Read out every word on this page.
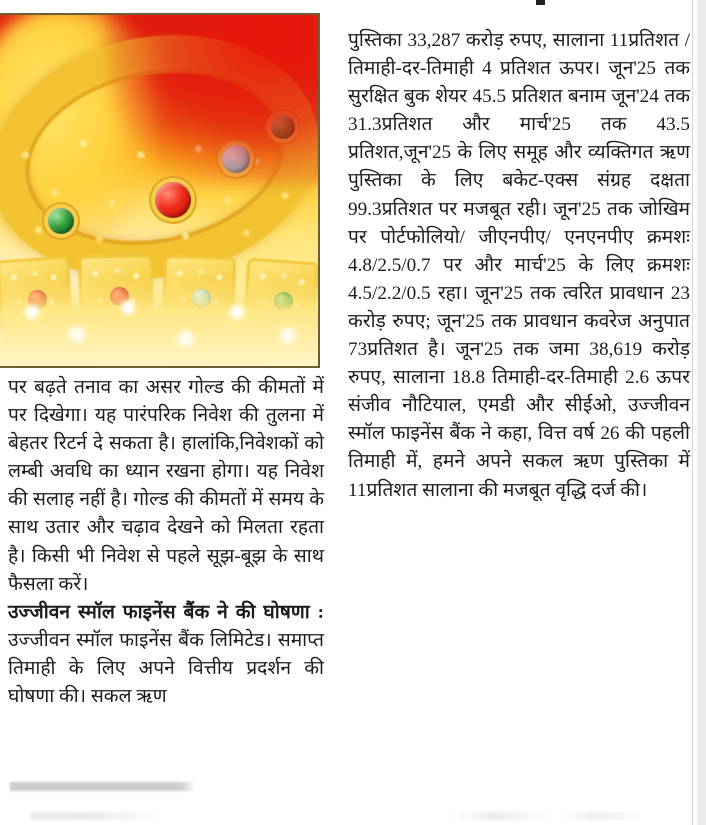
पर बढ़ते तनाव का असर गोल्ड की कीमतों में पर दिखेगा। यह पारंपरिक निवेश की तुलना में बेहतर रिटर्न दे सकता है। हालांकि,निवेशकों को लम्बी अवधि का ध्यान रखना होगा। यह निवेश की सलाह नहीं है। गोल्ड की कीमतों में समय के साथ उतार और चढ़ाव देखने को मिलता रहता है। किसी भी निवेश से पहले सूझ-बूझ के साथ फैसला करें।

उज्जीवन स्मॉल फाइनेंस बैंक ने की घोषणा : उज्जीवन स्मॉल फाइनेंस बैंक लिमिटेड। समाप्त तिमाही के लिए अपने वित्तीय प्रदर्शन की घोषणा की। सकल ऋण

पुस्तिका 33,287 करोड़ रुपए, सालाना 11प्रतिशत / तिमाही-दर-तिमाही 4 प्रतिशत ऊपर। जून'25 तक सुरक्षित बुक शेयर 45.5 प्रतिशत बनाम जून'24 तक 31.3प्रतिशत और मार्च'25 तक 43.5 प्रतिशत,जून'25 के लिए समूह और व्यक्तिगत ऋण पुस्तिका के लिए बकेट-एक्स संग्रह दक्षता 99.3प्रतिशत पर मजबूत रही। जून'25 तक जोखिम पर पोर्टफोलियो/ जीएनपीए/ एनएनपीए क्रमशः 4.8/2.5/0.7 पर और मार्च'25 के लिए क्रमशः 4.5/2.2/0.5 रहा। जून'25 तक त्वरित प्रावधान 23 करोड़ रुपए; जून'25 तक प्रावधान कवरेज अनुपात 73प्रतिशत है। जून'25 तक जमा 38,619 करोड़ रुपए, सालाना 18.8 तिमाही-दर-तिमाही 2.6 ऊपर संजीव नौटियाल, एमडी और सीईओ, उज्जीवन स्मॉल फाइनेंस बैंक ने कहा, वित्त वर्ष 26 की पहली तिमाही में, हमने अपने सकल ऋण पुस्तिका में 11प्रतिशत सालाना की मजबूत वृद्धि दर्ज की।
